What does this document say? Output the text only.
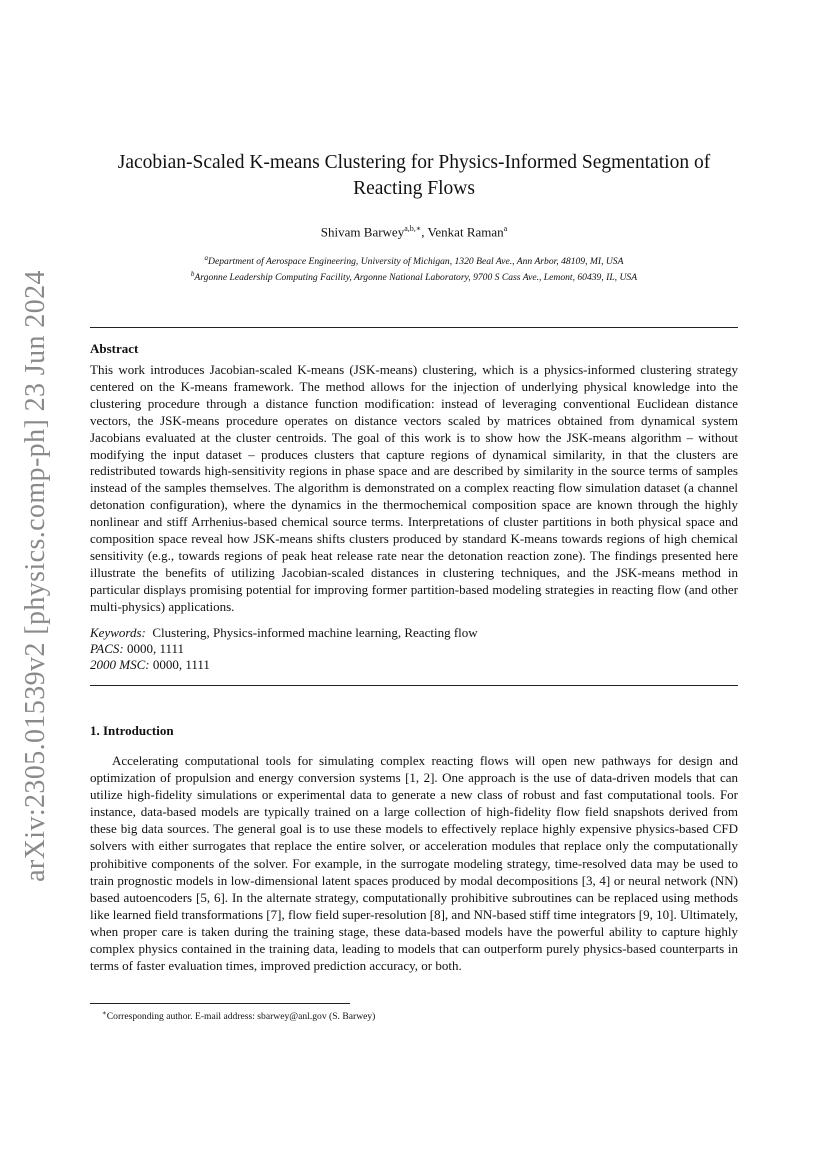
arXiv:2305.01539v2 [physics.comp-ph] 23 Jun 2024
Jacobian-Scaled K-means Clustering for Physics-Informed Segmentation of Reacting Flows
Shivam Barwey$^{a,b,∗}$, Venkat Raman$^a$
$^a$Department of Aerospace Engineering, University of Michigan, 1320 Beal Ave., Ann Arbor, 48109, MI, USA
$^b$Argonne Leadership Computing Facility, Argonne National Laboratory, 9700 S Cass Ave., Lemont, 60439, IL, USA
Abstract

This work introduces Jacobian-scaled K-means (JSK-means) clustering, which is a physics-informed clustering strategy centered on the K-means framework. The method allows for the injection of underlying physical knowledge into the clustering procedure through a distance function modification: instead of leveraging conventional Euclidean distance vectors, the JSK-means procedure operates on distance vectors scaled by matrices obtained from dynamical system Jacobians evaluated at the cluster centroids. The goal of this work is to show how the JSK-means algorithm – without modifying the input dataset – produces clusters that capture regions of dynamical similarity, in that the clusters are redistributed towards high-sensitivity regions in phase space and are described by similarity in the source terms of samples instead of the samples themselves. The algorithm is demonstrated on a complex reacting flow simulation dataset (a channel detonation configuration), where the dynamics in the thermochemical composition space are known through the highly nonlinear and stiff Arrhenius-based chemical source terms. Interpretations of cluster partitions in both physical space and composition space reveal how JSK-means shifts clusters produced by standard K-means towards regions of high chemical sensitivity (e.g., towards regions of peak heat release rate near the detonation reaction zone). The findings presented here illustrate the benefits of utilizing Jacobian-scaled distances in clustering techniques, and the JSK-means method in particular displays promising potential for improving former partition-based modeling strategies in reacting flow (and other multi-physics) applications.

Keywords: Clustering, Physics-informed machine learning, Reacting flow
PACS: 0000, 1111
2000 MSC: 0000, 1111
1. Introduction

Accelerating computational tools for simulating complex reacting flows will open new pathways for design and optimization of propulsion and energy conversion systems [1, 2]. One approach is the use of data-driven models that can utilize high-fidelity simulations or experimental data to generate a new class of robust and fast computational tools. For instance, data-based models are typically trained on a large collection of high-fidelity flow field snapshots derived from these big data sources. The general goal is to use these models to effectively replace highly expensive physics-based CFD solvers with either surrogates that replace the entire solver, or acceleration modules that replace only the computationally prohibitive components of the solver. For example, in the surrogate modeling strategy, time-resolved data may be used to train prognostic models in low-dimensional latent spaces produced by modal decompositions [3, 4] or neural network (NN) based autoencoders [5, 6]. In the alternate strategy, computationally prohibitive subroutines can be replaced using methods like learned field transformations [7], flow field super-resolution [8], and NN-based stiff time integrators [9, 10]. Ultimately, when proper care is taken during the training stage, these data-based models have the powerful ability to capture highly complex physics contained in the training data, leading to models that can outperform purely physics-based counterparts in terms of faster evaluation times, improved prediction accuracy, or both.

∗Corresponding author. E-mail address: sbarwey@anl.gov (S. Barwey)
